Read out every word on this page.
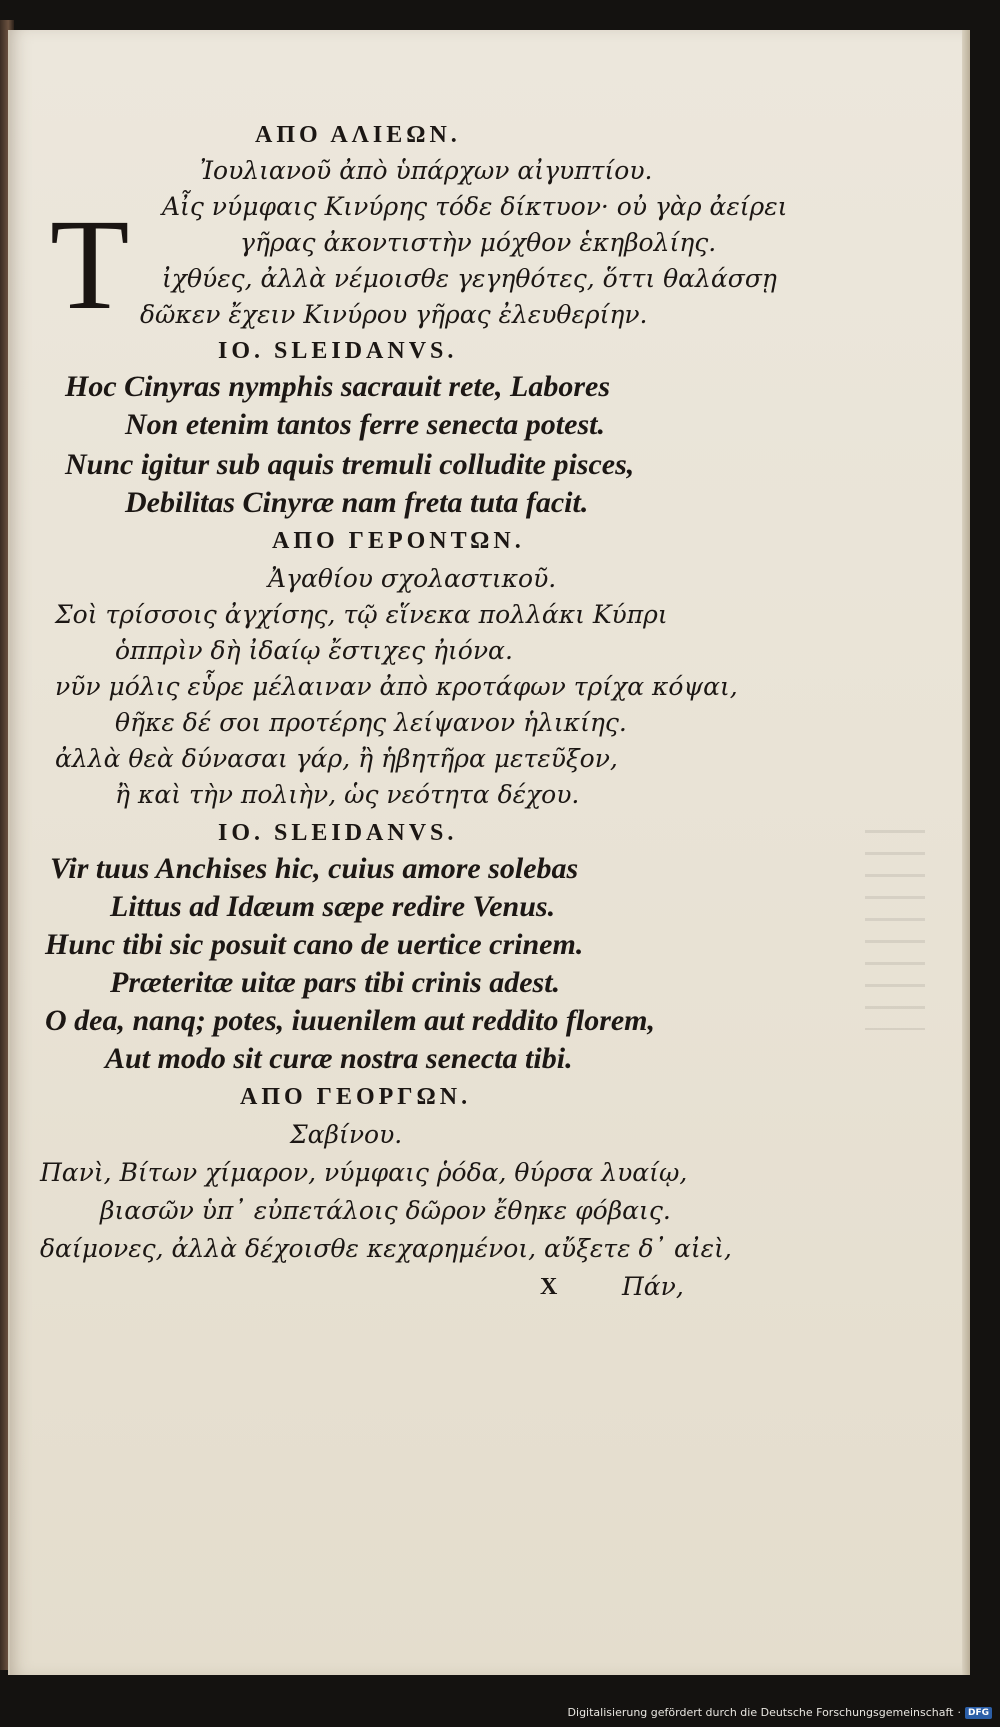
T
ΑΠΟ ΑΛΙΕΩΝ.
Ἰουλιανοῦ ἀπὸ ὑπάρχων αἰγυπτίου.
Αἶς νύμφαις Κινύρης τόδε δίκτυον· οὐ γὰρ ἀείρει
γῆρας ἀκοντιστὴν μόχθον ἑκηβολίης.
ἰχθύες, ἀλλὰ νέμοισθε γεγηθότες, ὅττι θαλάσσῃ
δῶκεν ἔχειν Κινύρου γῆρας ἐλευθερίην.
IO. SLEIDANVS.
Hoc Cinyras nymphis sacrauit rete, Labores
Non etenim tantos ferre senecta potest.
Nunc igitur sub aquis tremuli colludite pisces,
Debilitas Cinyræ nam freta tuta facit.
ΑΠΟ ΓΕΡΟΝΤΩΝ.
Ἀγαθίου σχολαστικοῦ.
Σοὶ τρίσσοις ἀγχίσης, τῷ εἵνεκα πολλάκι Κύπρι
ὁππρὶν δὴ ἰδαίῳ ἔστιχες ἠιόνα.
νῦν μόλις εὗρε μέλαιναν ἀπὸ κροτάφων τρίχα κόψαι,
θῆκε δέ σοι προτέρης λείψανον ἡλικίης.
ἀλλὰ θεὰ δύνασαι γάρ, ἢ ἡβητῆρα μετεῦξον,
ἢ καὶ τὴν πολιὴν, ὡς νεότητα δέχου.
IO. SLEIDANVS.
Vir tuus Anchises hic, cuius amore solebas
Littus ad Idæum sæpe redire Venus.
Hunc tibi sic posuit cano de uertice crinem.
Præteritæ uitæ pars tibi crinis adest.
O dea, nanq; potes, iuuenilem aut reddito florem,
Aut modo sit curæ nostra senecta tibi.
ΑΠΟ ΓΕΟΡΓΩΝ.
Σαβίνου.
Πανὶ, Βίτων χίμαρον, νύμφαις ῥόδα, θύρσα λυαίῳ,
βιασῶν ὑπ᾽ εὐπετάλοις δῶρον ἔθηκε φόβαις.
δαίμονες, ἀλλὰ δέχοισθε κεχαρημένοι, αὔξετε δ᾽ αἰεὶ,
X Πάν,
Digitalisierung gefördert durch die Deutsche Forschungsgemeinschaft · DFG
